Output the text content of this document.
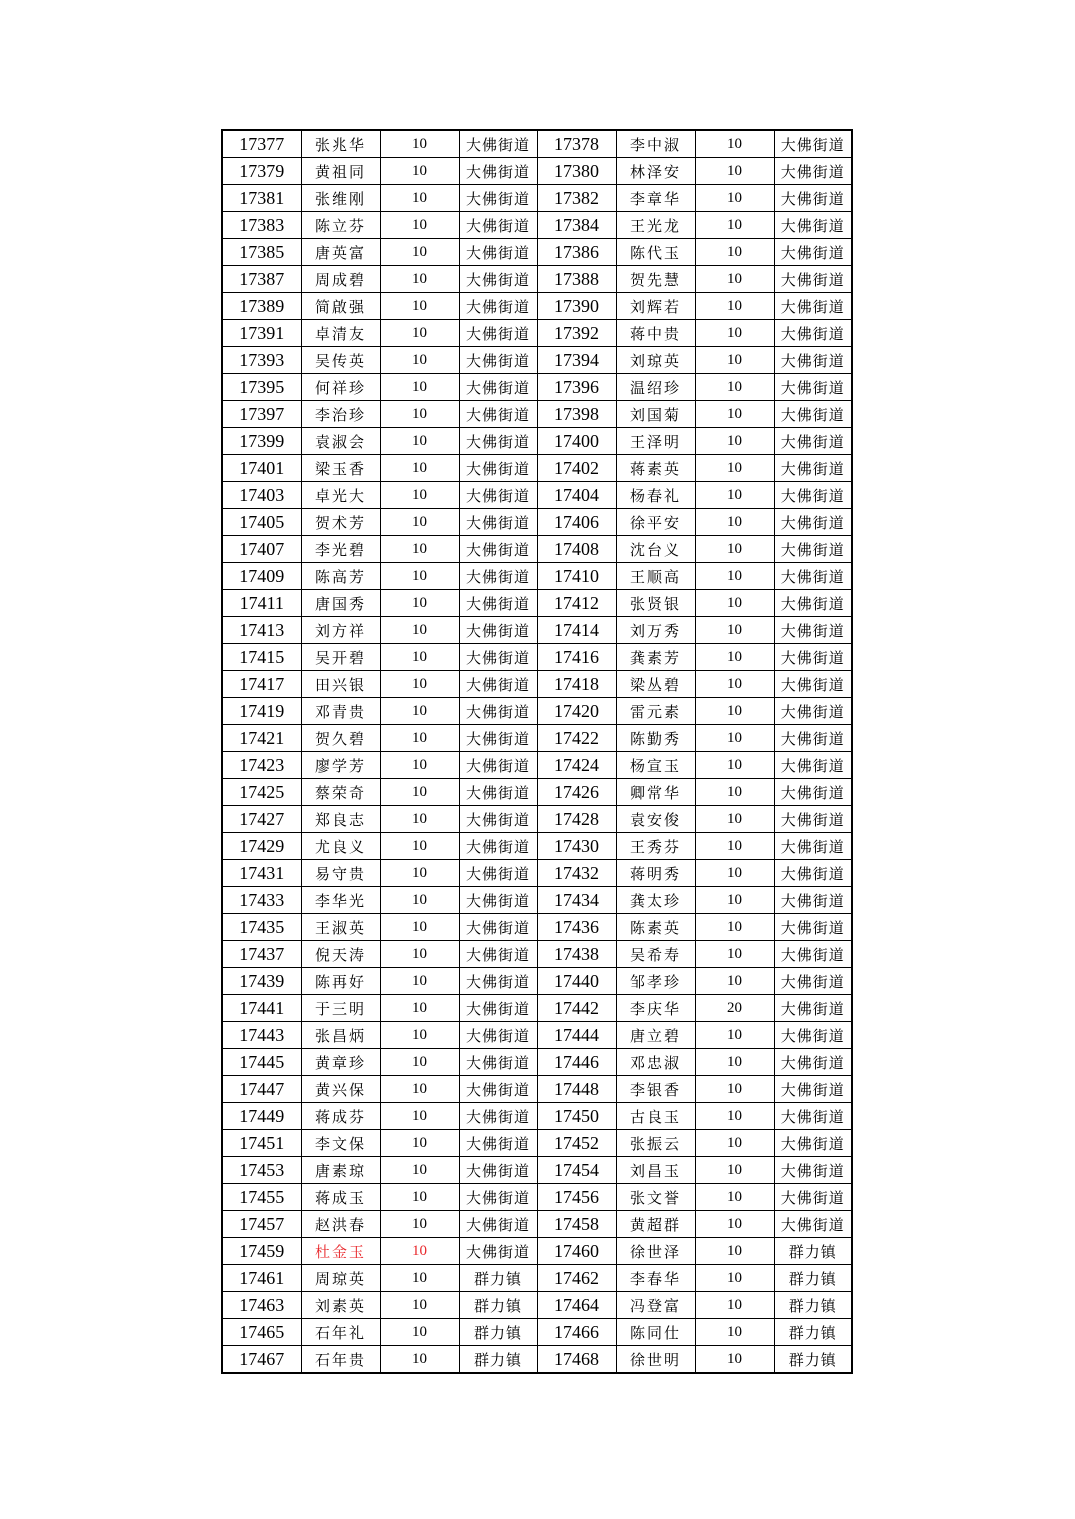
17377	张兆华	10	大佛街道	17378	李中淑	10	大佛街道
17379	黄祖同	10	大佛街道	17380	林泽安	10	大佛街道
17381	张维刚	10	大佛街道	17382	李章华	10	大佛街道
17383	陈立芬	10	大佛街道	17384	王光龙	10	大佛街道
17385	唐英富	10	大佛街道	17386	陈代玉	10	大佛街道
17387	周成碧	10	大佛街道	17388	贺先慧	10	大佛街道
17389	简啟强	10	大佛街道	17390	刘辉若	10	大佛街道
17391	卓清友	10	大佛街道	17392	蒋中贵	10	大佛街道
17393	吴传英	10	大佛街道	17394	刘琼英	10	大佛街道
17395	何祥珍	10	大佛街道	17396	温绍珍	10	大佛街道
17397	李治珍	10	大佛街道	17398	刘国菊	10	大佛街道
17399	袁淑会	10	大佛街道	17400	王泽明	10	大佛街道
17401	梁玉香	10	大佛街道	17402	蒋素英	10	大佛街道
17403	卓光大	10	大佛街道	17404	杨春礼	10	大佛街道
17405	贺术芳	10	大佛街道	17406	徐平安	10	大佛街道
17407	李光碧	10	大佛街道	17408	沈台义	10	大佛街道
17409	陈高芳	10	大佛街道	17410	王顺高	10	大佛街道
17411	唐国秀	10	大佛街道	17412	张贤银	10	大佛街道
17413	刘方祥	10	大佛街道	17414	刘万秀	10	大佛街道
17415	吴开碧	10	大佛街道	17416	龚素芳	10	大佛街道
17417	田兴银	10	大佛街道	17418	梁丛碧	10	大佛街道
17419	邓青贵	10	大佛街道	17420	雷元素	10	大佛街道
17421	贺久碧	10	大佛街道	17422	陈勤秀	10	大佛街道
17423	廖学芳	10	大佛街道	17424	杨宣玉	10	大佛街道
17425	蔡荣奇	10	大佛街道	17426	卿常华	10	大佛街道
17427	郑良志	10	大佛街道	17428	袁安俊	10	大佛街道
17429	尤良义	10	大佛街道	17430	王秀芬	10	大佛街道
17431	易守贵	10	大佛街道	17432	蒋明秀	10	大佛街道
17433	李华光	10	大佛街道	17434	龚太珍	10	大佛街道
17435	王淑英	10	大佛街道	17436	陈素英	10	大佛街道
17437	倪天涛	10	大佛街道	17438	吴希寿	10	大佛街道
17439	陈再好	10	大佛街道	17440	邹孝珍	10	大佛街道
17441	于三明	10	大佛街道	17442	李庆华	20	大佛街道
17443	张昌炳	10	大佛街道	17444	唐立碧	10	大佛街道
17445	黄章珍	10	大佛街道	17446	邓忠淑	10	大佛街道
17447	黄兴保	10	大佛街道	17448	李银香	10	大佛街道
17449	蒋成芬	10	大佛街道	17450	古良玉	10	大佛街道
17451	李文保	10	大佛街道	17452	张振云	10	大佛街道
17453	唐素琼	10	大佛街道	17454	刘昌玉	10	大佛街道
17455	蒋成玉	10	大佛街道	17456	张文誉	10	大佛街道
17457	赵洪春	10	大佛街道	17458	黄超群	10	大佛街道
17459	杜金玉	10	大佛街道	17460	徐世泽	10	群力镇
17461	周琼英	10	群力镇	17462	李春华	10	群力镇
17463	刘素英	10	群力镇	17464	冯登富	10	群力镇
17465	石年礼	10	群力镇	17466	陈同仕	10	群力镇
17467	石年贵	10	群力镇	17468	徐世明	10	群力镇
